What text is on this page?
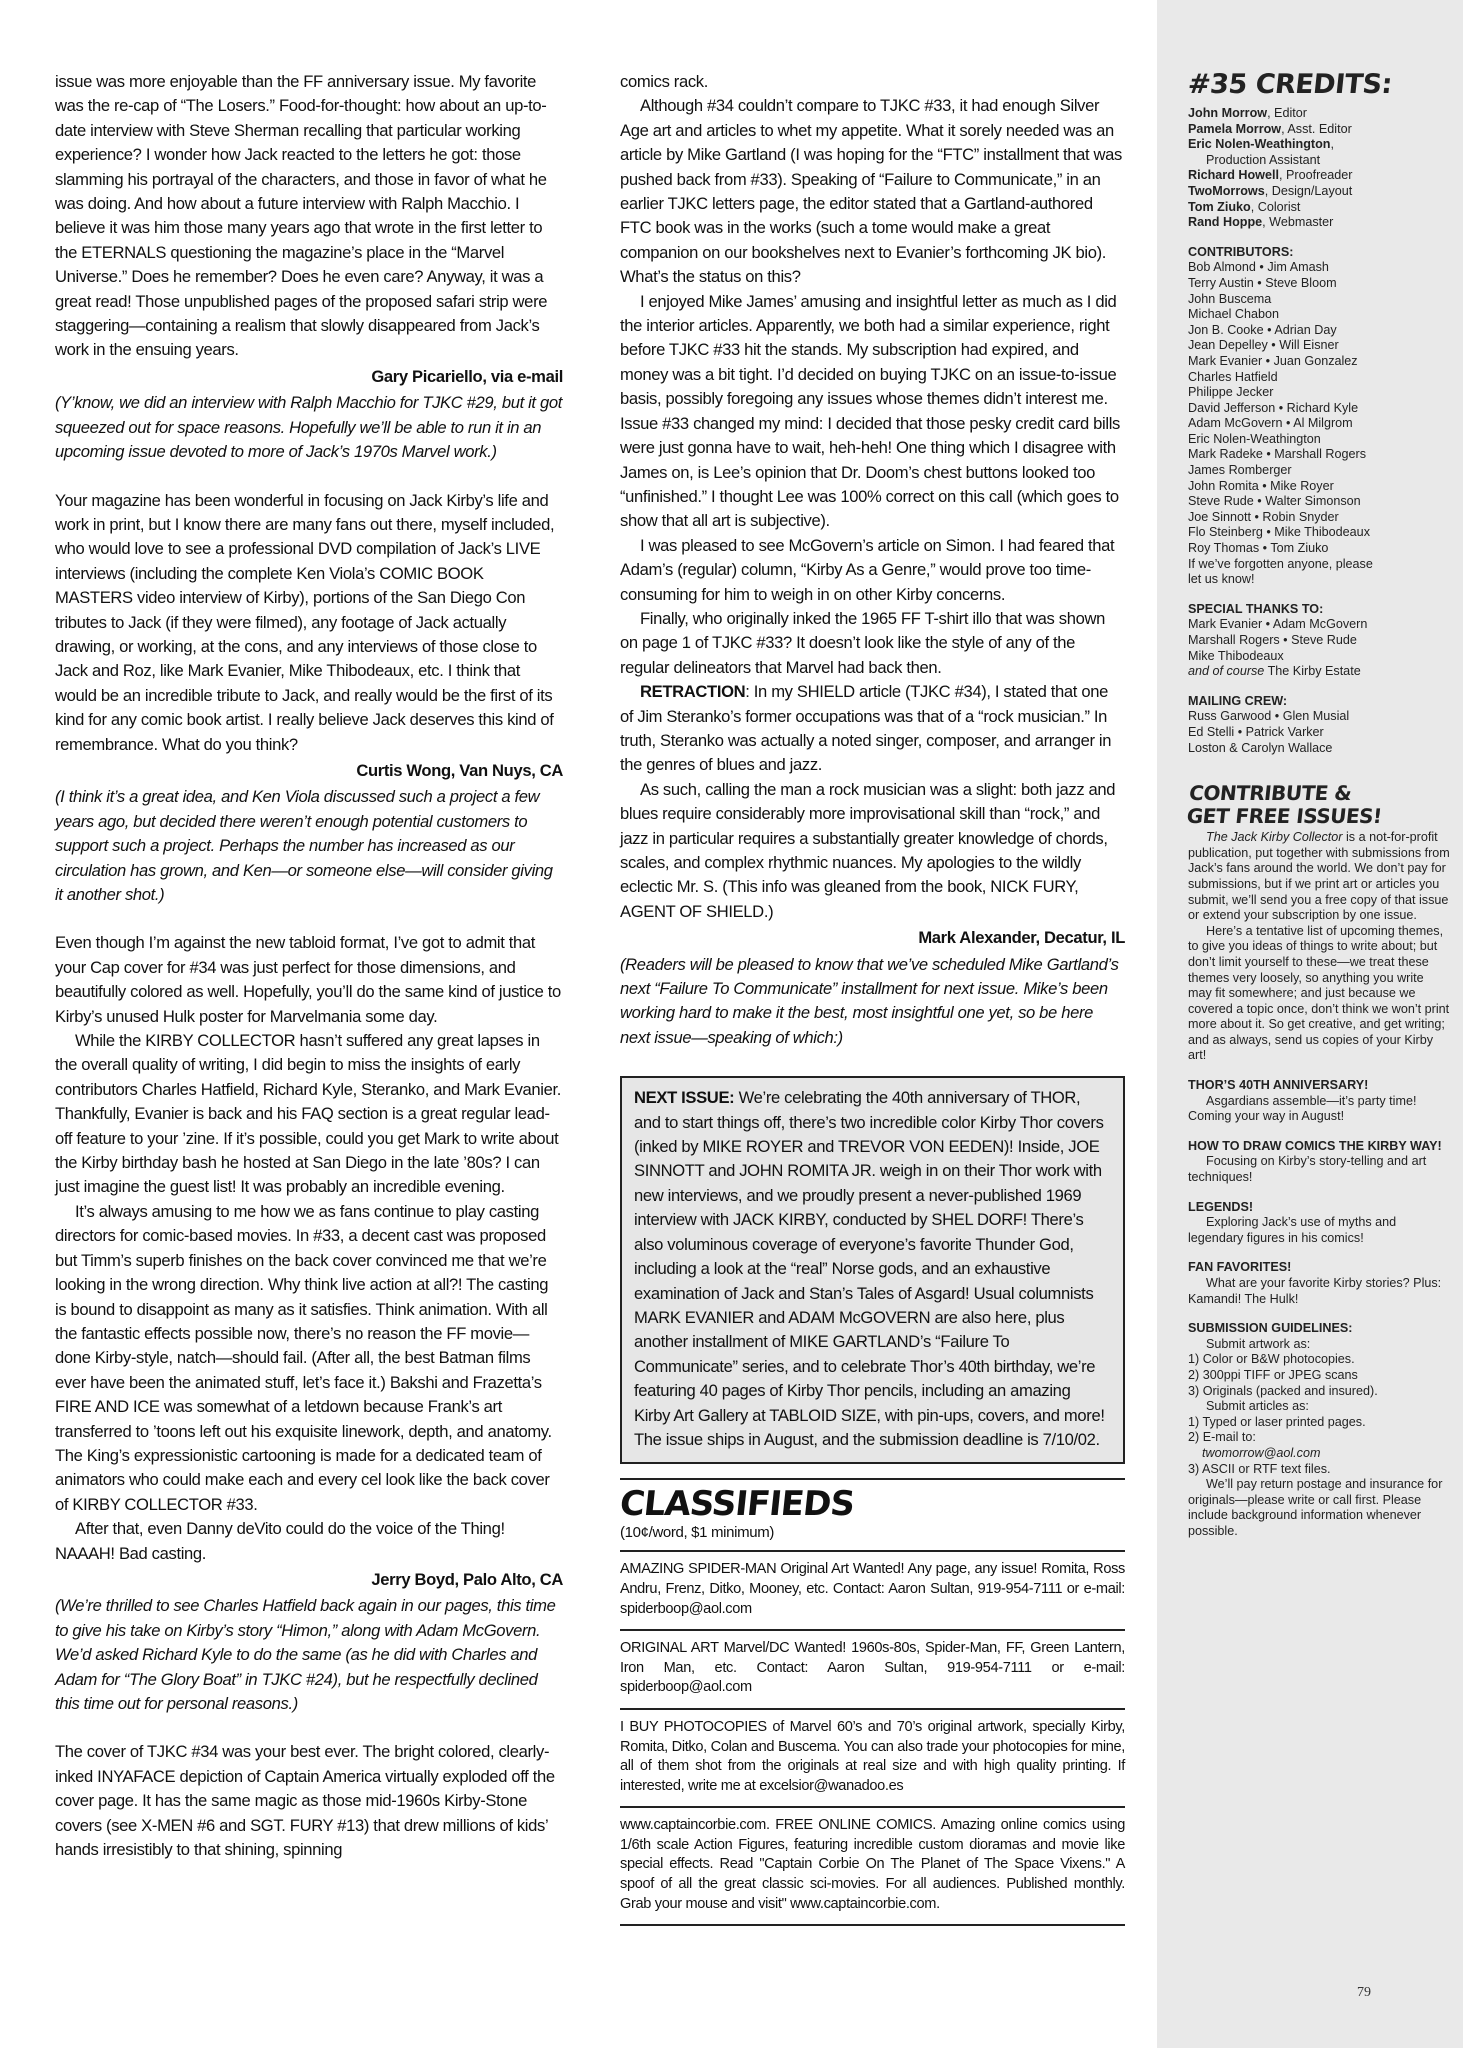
issue was more enjoyable than the FF anniversary issue. My favorite was the re-cap of “The Losers.” Food-for-thought: how about an up-to-date interview with Steve Sherman recalling that particular working experience? I wonder how Jack reacted to the letters he got: those slamming his portrayal of the characters, and those in favor of what he was doing. And how about a future interview with Ralph Macchio. I believe it was him those many years ago that wrote in the first letter to the ETERNALS questioning the magazine’s place in the “Marvel Universe.” Does he remember? Does he even care? Anyway, it was a great read! Those unpublished pages of the proposed safari strip were staggering—containing a realism that slowly disappeared from Jack’s work in the ensuing years.

Gary Picariello, via e-mail

(Y’know, we did an interview with Ralph Macchio for TJKC #29, but it got squeezed out for space reasons. Hopefully we’ll be able to run it in an upcoming issue devoted to more of Jack’s 1970s Marvel work.)

Your magazine has been wonderful in focusing on Jack Kirby’s life and work in print, but I know there are many fans out there, myself included, who would love to see a professional DVD compilation of Jack’s LIVE interviews (including the complete Ken Viola’s COMIC BOOK MASTERS video interview of Kirby), portions of the San Diego Con tributes to Jack (if they were filmed), any footage of Jack actually drawing, or working, at the cons, and any interviews of those close to Jack and Roz, like Mark Evanier, Mike Thibodeaux, etc. I think that would be an incredible tribute to Jack, and really would be the first of its kind for any comic book artist. I really believe Jack deserves this kind of remembrance. What do you think?

Curtis Wong, Van Nuys, CA

(I think it’s a great idea, and Ken Viola discussed such a project a few years ago, but decided there weren’t enough potential customers to support such a project. Perhaps the number has increased as our circulation has grown, and Ken—or someone else—will consider giving it another shot.)

Even though I’m against the new tabloid format, I’ve got to admit that your Cap cover for #34 was just perfect for those dimensions, and beautifully colored as well. Hopefully, you’ll do the same kind of justice to Kirby’s unused Hulk poster for Marvelmania some day.

While the KIRBY COLLECTOR hasn’t suffered any great lapses in the overall quality of writing, I did begin to miss the insights of early contributors Charles Hatfield, Richard Kyle, Steranko, and Mark Evanier. Thankfully, Evanier is back and his FAQ section is a great regular lead-off feature to your ’zine. If it’s possible, could you get Mark to write about the Kirby birthday bash he hosted at San Diego in the late ’80s? I can just imagine the guest list! It was probably an incredible evening.

It’s always amusing to me how we as fans continue to play casting directors for comic-based movies. In #33, a decent cast was proposed but Timm’s superb finishes on the back cover convinced me that we’re looking in the wrong direction. Why think live action at all?! The casting is bound to disappoint as many as it satisfies. Think animation. With all the fantastic effects possible now, there’s no reason the FF movie—done Kirby-style, natch—should fail. (After all, the best Batman films ever have been the animated stuff, let’s face it.) Bakshi and Frazetta’s FIRE AND ICE was somewhat of a letdown because Frank’s art transferred to ’toons left out his exquisite linework, depth, and anatomy. The King’s expressionistic cartooning is made for a dedicated team of animators who could make each and every cel look like the back cover of KIRBY COLLECTOR #33.

After that, even Danny deVito could do the voice of the Thing! NAAAH! Bad casting.

Jerry Boyd, Palo Alto, CA

(We’re thrilled to see Charles Hatfield back again in our pages, this time to give his take on Kirby’s story “Himon,” along with Adam McGovern. We’d asked Richard Kyle to do the same (as he did with Charles and Adam for “The Glory Boat” in TJKC #24), but he respectfully declined this time out for personal reasons.)

The cover of TJKC #34 was your best ever. The bright colored, clearly-inked INYAFACE depiction of Captain America virtually exploded off the cover page. It has the same magic as those mid-1960s Kirby-Stone covers (see X-MEN #6 and SGT. FURY #13) that drew millions of kids’ hands irresistibly to that shining, spinning

comics rack.

Although #34 couldn’t compare to TJKC #33, it had enough Silver Age art and articles to whet my appetite. What it sorely needed was an article by Mike Gartland (I was hoping for the “FTC” installment that was pushed back from #33). Speaking of “Failure to Communicate,” in an earlier TJKC letters page, the editor stated that a Gartland-authored FTC book was in the works (such a tome would make a great companion on our bookshelves next to Evanier’s forthcoming JK bio). What’s the status on this?

I enjoyed Mike James’ amusing and insightful letter as much as I did the interior articles. Apparently, we both had a similar experience, right before TJKC #33 hit the stands. My subscription had expired, and money was a bit tight. I’d decided on buying TJKC on an issue-to-issue basis, possibly foregoing any issues whose themes didn’t interest me. Issue #33 changed my mind: I decided that those pesky credit card bills were just gonna have to wait, heh-heh! One thing which I disagree with James on, is Lee’s opinion that Dr. Doom’s chest buttons looked too “unfinished.” I thought Lee was 100% correct on this call (which goes to show that all art is subjective).

I was pleased to see McGovern’s article on Simon. I had feared that Adam’s (regular) column, “Kirby As a Genre,” would prove too time-consuming for him to weigh in on other Kirby concerns.

Finally, who originally inked the 1965 FF T-shirt illo that was shown on page 1 of TJKC #33? It doesn’t look like the style of any of the regular delineators that Marvel had back then.

RETRACTION: In my SHIELD article (TJKC #34), I stated that one of Jim Steranko’s former occupations was that of a “rock musician.” In truth, Steranko was actually a noted singer, composer, and arranger in the genres of blues and jazz.

As such, calling the man a rock musician was a slight: both jazz and blues require considerably more improvisational skill than “rock,” and jazz in particular requires a substantially greater knowledge of chords, scales, and complex rhythmic nuances. My apologies to the wildly eclectic Mr. S. (This info was gleaned from the book, NICK FURY, AGENT OF SHIELD.)

Mark Alexander, Decatur, IL

(Readers will be pleased to know that we’ve scheduled Mike Gartland’s next “Failure To Communicate” installment for next issue. Mike’s been working hard to make it the best, most insightful one yet, so be here next issue—speaking of which:)

NEXT ISSUE: We’re celebrating the 40th anniversary of THOR, and to start things off, there’s two incredible color Kirby Thor covers (inked by MIKE ROYER and TREVOR VON EEDEN)! Inside, JOE SINNOTT and JOHN ROMITA JR. weigh in on their Thor work with new interviews, and we proudly present a never-published 1969 interview with JACK KIRBY, conducted by SHEL DORF! There’s also voluminous coverage of everyone’s favorite Thunder God, including a look at the “real” Norse gods, and an exhaustive examination of Jack and Stan’s Tales of Asgard! Usual columnists MARK EVANIER and ADAM McGOVERN are also here, plus another installment of MIKE GARTLAND’s “Failure To Communicate” series, and to celebrate Thor’s 40th birthday, we’re featuring 40 pages of Kirby Thor pencils, including an amazing Kirby Art Gallery at TABLOID SIZE, with pin-ups, covers, and more! The issue ships in August, and the submission deadline is 7/10/02.
CLASSIFIEDS
(10¢/word, $1 minimum)
AMAZING SPIDER-MAN Original Art Wanted! Any page, any issue! Romita, Ross Andru, Frenz, Ditko, Mooney, etc. Contact: Aaron Sultan, 919-954-7111 or e-mail: spiderboop@aol.com
ORIGINAL ART Marvel/DC Wanted! 1960s-80s, Spider-Man, FF, Green Lantern, Iron Man, etc. Contact: Aaron Sultan, 919-954-7111 or e-mail: spiderboop@aol.com
I BUY PHOTOCOPIES of Marvel 60’s and 70’s original artwork, specially Kirby, Romita, Ditko, Colan and Buscema. You can also trade your photocopies for mine, all of them shot from the originals at real size and with high quality printing. If interested, write me at excelsior@wanadoo.es
www.captaincorbie.com. FREE ONLINE COMICS. Amazing online comics using 1/6th scale Action Figures, featuring incredible custom dioramas and movie like special effects. Read "Captain Corbie On The Planet of The Space Vixens." A spoof of all the great classic sci-movies. For all audiences. Published monthly. Grab your mouse and visit" www.captaincorbie.com.
#35 CREDITS:
John Morrow, Editor
Pamela Morrow, Asst. Editor
Eric Nolen-Weathington,
Production Assistant
Richard Howell, Proofreader
TwoMorrows, Design/Layout
Tom Ziuko, Colorist
Rand Hoppe, Webmaster
CONTRIBUTORS:
Bob Almond • Jim Amash
Terry Austin • Steve Bloom
John Buscema
Michael Chabon
Jon B. Cooke • Adrian Day
Jean Depelley • Will Eisner
Mark Evanier • Juan Gonzalez
Charles Hatfield
Philippe Jecker
David Jefferson • Richard Kyle
Adam McGovern • Al Milgrom
Eric Nolen-Weathington
Mark Radeke • Marshall Rogers
James Romberger
John Romita • Mike Royer
Steve Rude • Walter Simonson
Joe Sinnott • Robin Snyder
Flo Steinberg • Mike Thibodeaux
Roy Thomas • Tom Ziuko
If we’ve forgotten anyone, please
let us know!
SPECIAL THANKS TO:
Mark Evanier • Adam McGovern
Marshall Rogers • Steve Rude
Mike Thibodeaux
and of course The Kirby Estate
MAILING CREW:
Russ Garwood • Glen Musial
Ed Stelli • Patrick Varker
Loston & Carolyn Wallace
CONTRIBUTE &
GET FREE ISSUES!
The Jack Kirby Collector is a not-for-profit publication, put together with submissions from Jack’s fans around the world. We don’t pay for submissions, but if we print art or articles you submit, we’ll send you a free copy of that issue or extend your subscription by one issue.
Here’s a tentative list of upcoming themes, to give you ideas of things to write about; but don’t limit yourself to these—we treat these themes very loosely, so anything you write may fit somewhere; and just because we covered a topic once, don’t think we won’t print more about it. So get creative, and get writing; and as always, send us copies of your Kirby art!
THOR’S 40TH ANNIVERSARY!
Asgardians assemble—it’s party time! Coming your way in August!
HOW TO DRAW COMICS THE KIRBY WAY!
Focusing on Kirby’s story-telling and art techniques!
LEGENDS!
Exploring Jack’s use of myths and legendary figures in his comics!
FAN FAVORITES!
What are your favorite Kirby stories? Plus: Kamandi! The Hulk!
SUBMISSION GUIDELINES:
Submit artwork as:
1) Color or B&W photocopies.
2) 300ppi TIFF or JPEG scans
3) Originals (packed and insured).
Submit articles as:
1) Typed or laser printed pages.
2) E-mail to:
twomorrow@aol.com
3) ASCII or RTF text files.
We’ll pay return postage and insurance for originals—please write or call first. Please include background information whenever possible.
79
